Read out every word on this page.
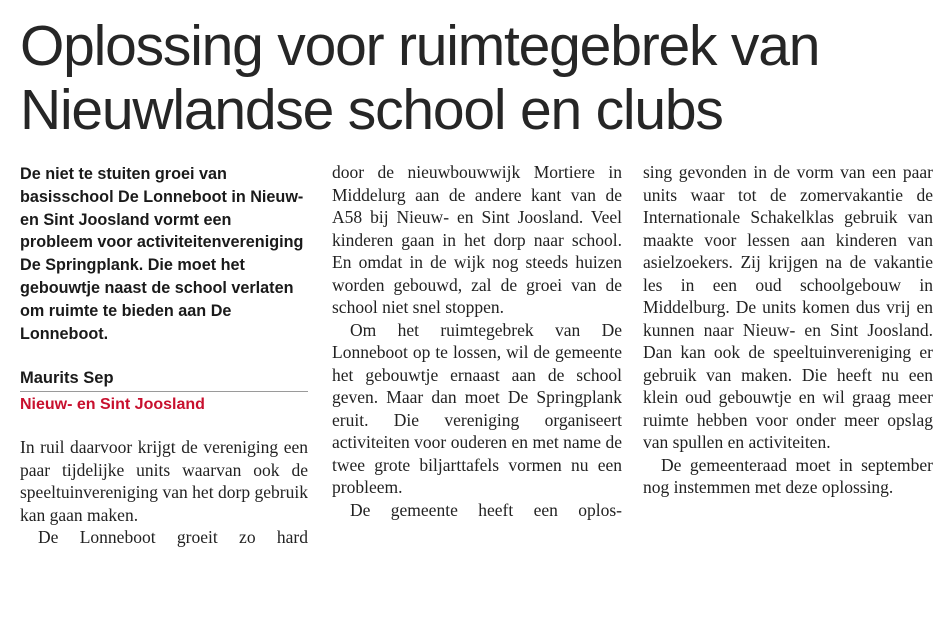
Oplossing voor ruimtegebrek van Nieuwlandse school en clubs

De niet te stuiten groei van basisschool De Lonneboot in Nieuw- en Sint Joosland vormt een probleem voor activiteitenvereniging De Springplank. Die moet het gebouwtje naast de school verlaten om ruimte te bieden aan De Lonneboot.

Maurits Sep

Nieuw- en Sint Joosland

In ruil daarvoor krijgt de vereniging een paar tijdelijke units waarvan ook de speeltuinvereniging van het dorp gebruik kan gaan maken.

De Lonneboot groeit zo hard

door de nieuwbouwwijk Mortiere in Middelurg aan de andere kant van de A58 bij Nieuw- en Sint Joosland. Veel kinderen gaan in het dorp naar school. En omdat in de wijk nog steeds huizen worden gebouwd, zal de groei van de school niet snel stoppen.

Om het ruimtegebrek van De Lonneboot op te lossen, wil de gemeente het gebouwtje ernaast aan de school geven. Maar dan moet De Springplank eruit. Die vereniging organiseert activiteiten voor ouderen en met name de twee grote biljarttafels vormen nu een probleem.

De gemeente heeft een oplos-

sing gevonden in de vorm van een paar units waar tot de zomervakantie de Internationale Schakelklas gebruik van maakte voor lessen aan kinderen van asielzoekers. Zij krijgen na de vakantie les in een oud schoolgebouw in Middelburg. De units komen dus vrij en kunnen naar Nieuw- en Sint Joosland. Dan kan ook de speeltuinvereniging er gebruik van maken. Die heeft nu een klein oud gebouwtje en wil graag meer ruimte hebben voor onder meer opslag van spullen en activiteiten.

De gemeenteraad moet in september nog instemmen met deze oplossing.
